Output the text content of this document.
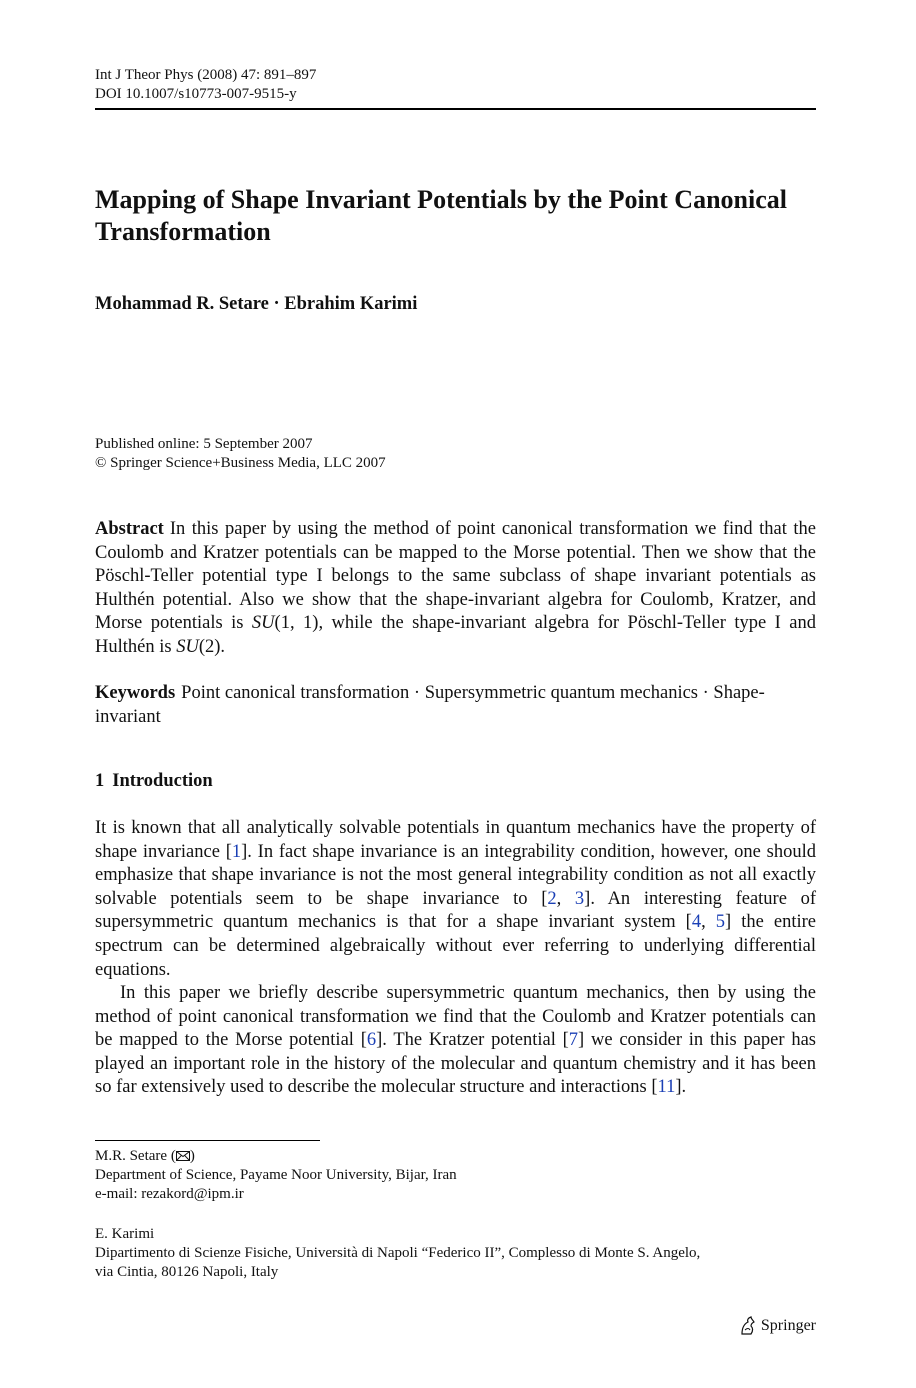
Int J Theor Phys (2008) 47: 891–897
DOI 10.1007/s10773-007-9515-y
Mapping of Shape Invariant Potentials by the Point Canonical Transformation
Mohammad R. Setare · Ebrahim Karimi
Published online: 5 September 2007
© Springer Science+Business Media, LLC 2007

Abstract In this paper by using the method of point canonical transformation we find that the Coulomb and Kratzer potentials can be mapped to the Morse potential. Then we show that the Pöschl-Teller potential type I belongs to the same subclass of shape invariant potentials as Hulthén potential. Also we show that the shape-invariant algebra for Coulomb, Kratzer, and Morse potentials is SU(1, 1), while the shape-invariant algebra for Pöschl-Teller type I and Hulthén is SU(2).

Keywords Point canonical transformation · Supersymmetric quantum mechanics · Shape-invariant

1 Introduction

It is known that all analytically solvable potentials in quantum mechanics have the property of shape invariance [1]. In fact shape invariance is an integrability condition, however, one should emphasize that shape invariance is not the most general integrability condition as not all exactly solvable potentials seem to be shape invariance to [2, 3]. An interesting feature of supersymmetric quantum mechanics is that for a shape invariant system [4, 5] the entire spectrum can be determined algebraically without ever referring to underlying differential equations.

In this paper we briefly describe supersymmetric quantum mechanics, then by using the method of point canonical transformation we find that the Coulomb and Kratzer potentials can be mapped to the Morse potential [6]. The Kratzer potential [7] we consider in this paper has played an important role in the history of the molecular and quantum chemistry and it has been so far extensively used to describe the molecular structure and interactions [11].

M.R. Setare ( )
Department of Science, Payame Noor University, Bijar, Iran
e-mail: rezakord@ipm.ir
E. Karimi
Dipartimento di Scienze Fisiche, Università di Napoli “Federico II”, Complesso di Monte S. Angelo,
via Cintia, 80126 Napoli, Italy
Springer
